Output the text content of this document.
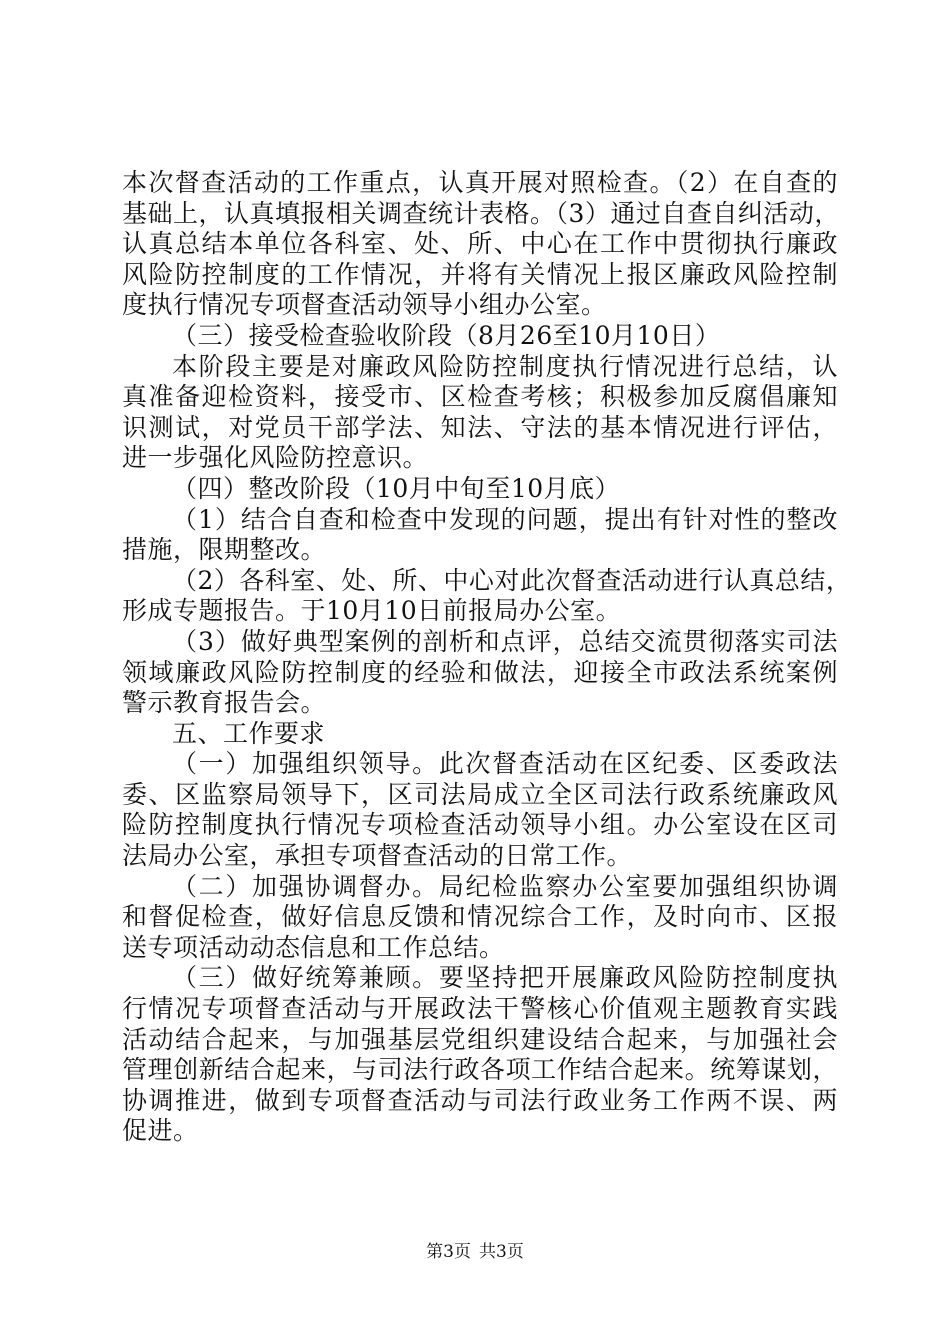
本次督查活动的工作重点，认真开展对照检查。（2）在自查的
基础上，认真填报相关调查统计表格。（3）通过自查自纠活动，
认真总结本单位各科室、处、所、中心在工作中贯彻执行廉政
风险防控制度的工作情况，并将有关情况上报区廉政风险控制
度执行情况专项督查活动领导小组办公室。
（三）接受检查验收阶段（8月26至10月10日）
本阶段主要是对廉政风险防控制度执行情况进行总结，认
真准备迎检资料，接受市、区检查考核；积极参加反腐倡廉知
识测试，对党员干部学法、知法、守法的基本情况进行评估，
进一步强化风险防控意识。
（四）整改阶段（10月中旬至10月底）
（1）结合自查和检查中发现的问题，提出有针对性的整改
措施，限期整改。
（2）各科室、处、所、中心对此次督查活动进行认真总结，
形成专题报告。于10月10日前报局办公室。
（3）做好典型案例的剖析和点评，总结交流贯彻落实司法
领域廉政风险防控制度的经验和做法，迎接全市政法系统案例
警示教育报告会。
五、工作要求
（一）加强组织领导。此次督查活动在区纪委、区委政法
委、区监察局领导下，区司法局成立全区司法行政系统廉政风
险防控制度执行情况专项检查活动领导小组。办公室设在区司
法局办公室，承担专项督查活动的日常工作。
（二）加强协调督办。局纪检监察办公室要加强组织协调
和督促检查，做好信息反馈和情况综合工作，及时向市、区报
送专项活动动态信息和工作总结。
（三）做好统筹兼顾。要坚持把开展廉政风险防控制度执
行情况专项督查活动与开展政法干警核心价值观主题教育实践
活动结合起来，与加强基层党组织建设结合起来，与加强社会
管理创新结合起来，与司法行政各项工作结合起来。统筹谋划，
协调推进，做到专项督查活动与司法行政业务工作两不误、两
促进。
第3页 共3页
